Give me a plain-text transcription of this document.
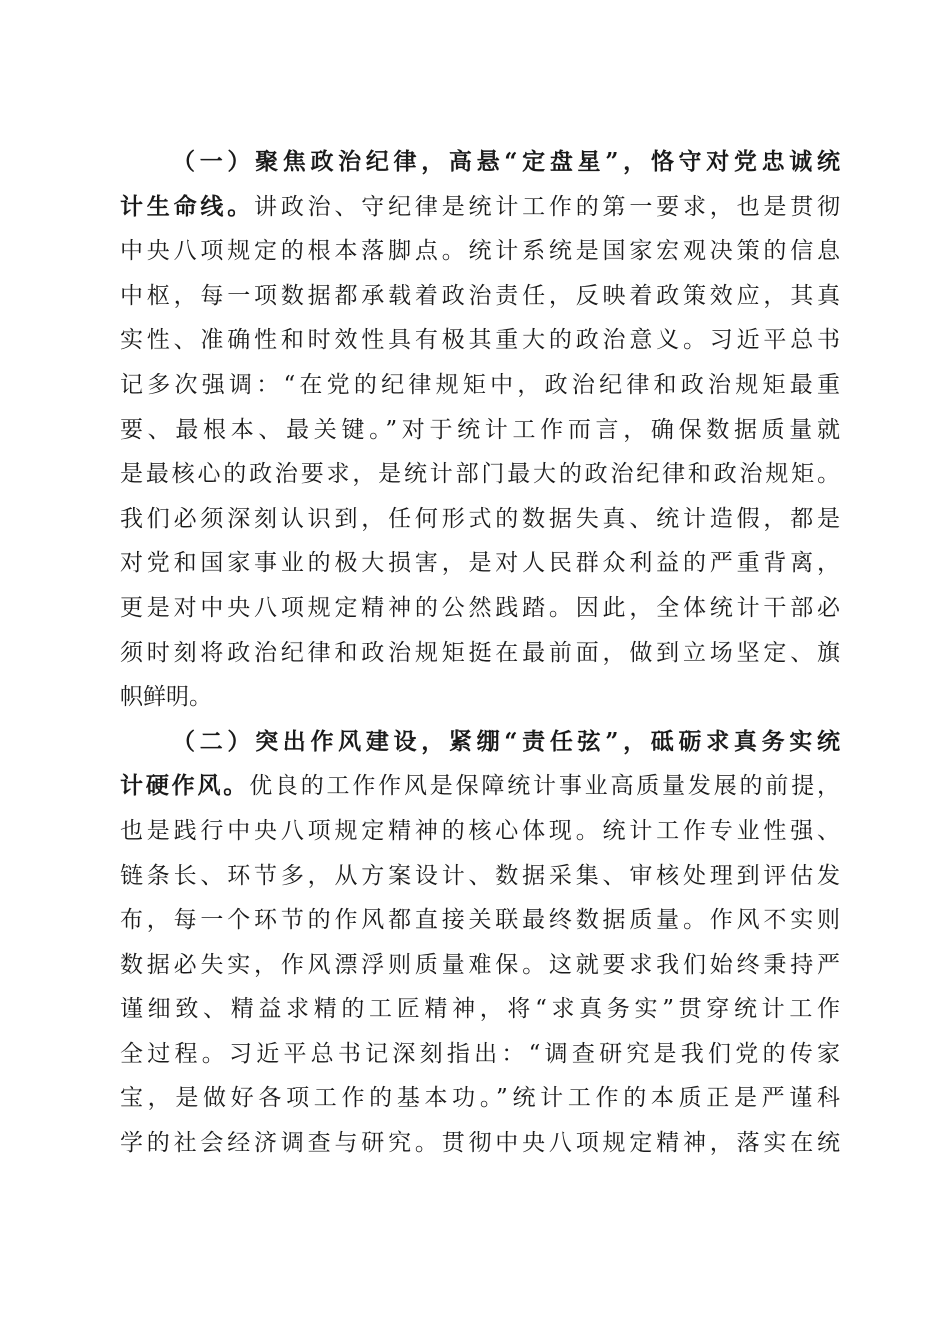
（一）聚焦政治纪律，高悬“定盘星”，恪守对党忠诚统
计生命线。讲政治、守纪律是统计工作的第一要求，也是贯彻
中央八项规定的根本落脚点。统计系统是国家宏观决策的信息
中枢，每一项数据都承载着政治责任，反映着政策效应，其真
实性、准确性和时效性具有极其重大的政治意义。习近平总书
记多次强调：“在党的纪律规矩中，政治纪律和政治规矩最重
要、最根本、最关键。”对于统计工作而言，确保数据质量就
是最核心的政治要求，是统计部门最大的政治纪律和政治规矩。
我们必须深刻认识到，任何形式的数据失真、统计造假，都是
对党和国家事业的极大损害，是对人民群众利益的严重背离，
更是对中央八项规定精神的公然践踏。因此，全体统计干部必
须时刻将政治纪律和政治规矩挺在最前面，做到立场坚定、旗
帜鲜明。
（二）突出作风建设，紧绷“责任弦”，砥砺求真务实统
计硬作风。优良的工作作风是保障统计事业高质量发展的前提，
也是践行中央八项规定精神的核心体现。统计工作专业性强、
链条长、环节多，从方案设计、数据采集、审核处理到评估发
布，每一个环节的作风都直接关联最终数据质量。作风不实则
数据必失实，作风漂浮则质量难保。这就要求我们始终秉持严
谨细致、精益求精的工匠精神，将“求真务实”贯穿统计工作
全过程。习近平总书记深刻指出：“调查研究是我们党的传家
宝，是做好各项工作的基本功。”统计工作的本质正是严谨科
学的社会经济调查与研究。贯彻中央八项规定精神，落实在统
